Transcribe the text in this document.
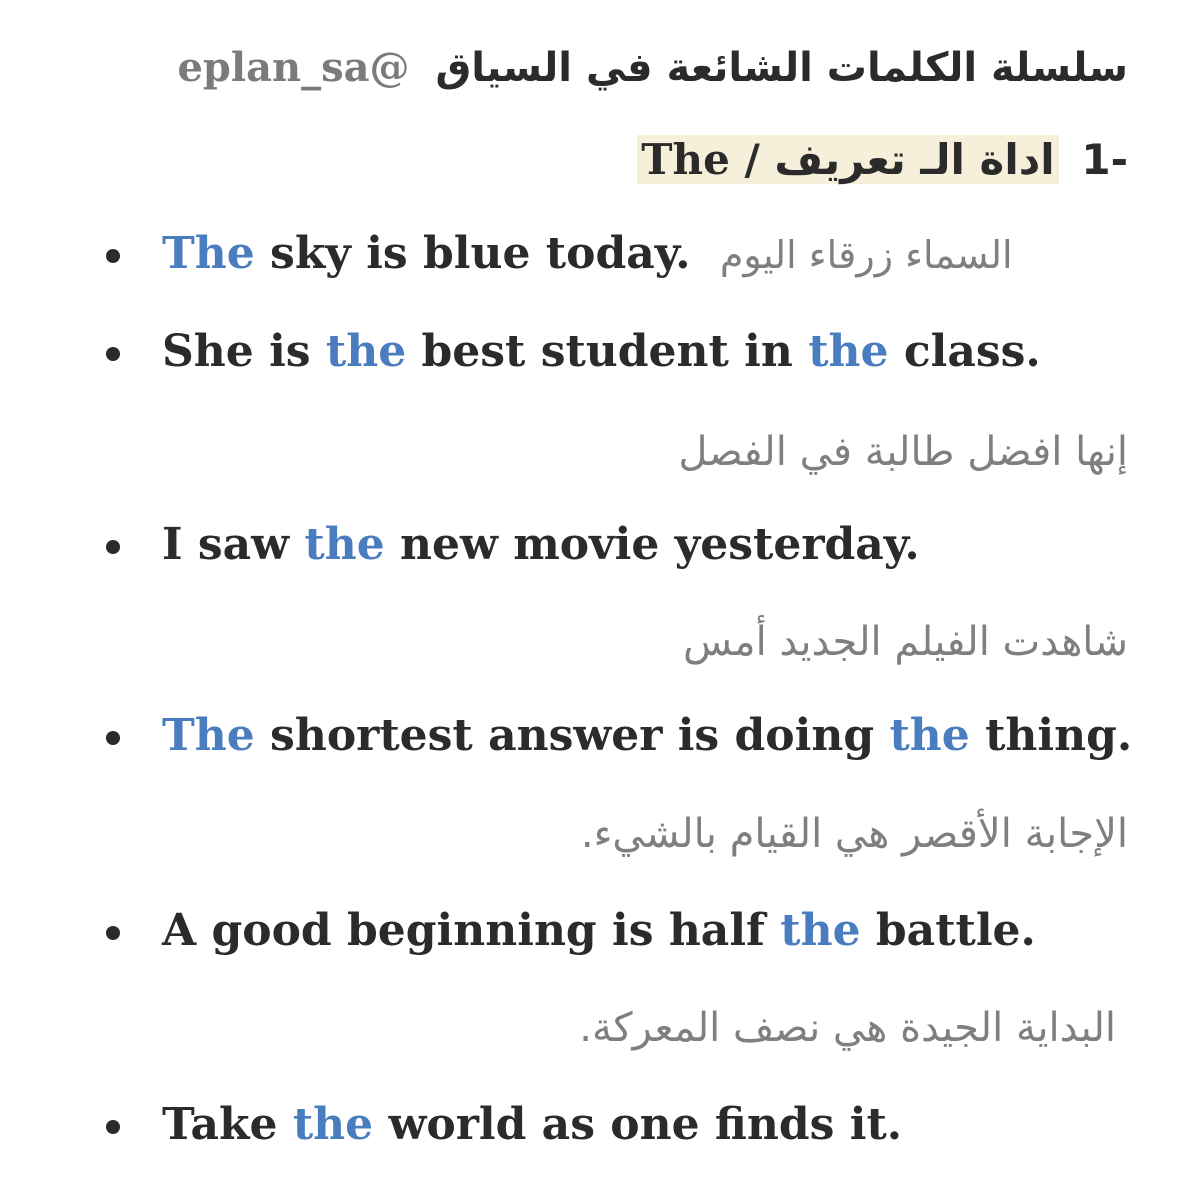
سلسلة الكلمات الشائعة في السياق @eplan_sa
-1 اداة الـ تعريف / The
The sky is blue today. السماء زرقاء اليوم
She is the best student in the class.
إنها افضل طالبة في الفصل
I saw the new movie yesterday.
شاهدت الفيلم الجديد أمس
The shortest answer is doing the thing.
الإجابة الأقصر هي القيام بالشيء.
A good beginning is half the battle.
البداية الجيدة هي نصف المعركة.
Take the world as one finds it.
